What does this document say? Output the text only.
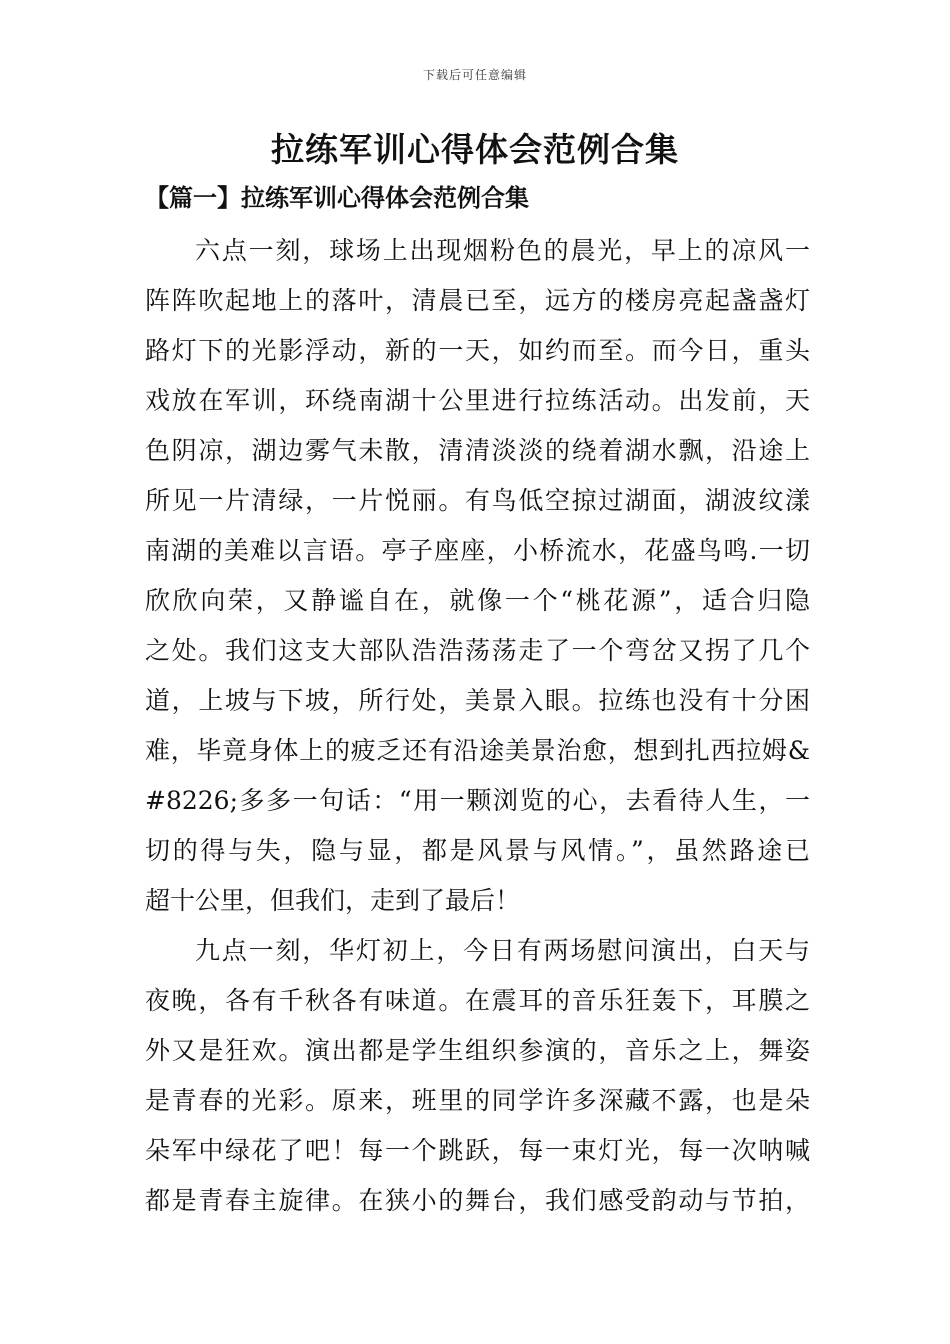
下载后可任意编辑
拉练军训心得体会范例合集
【篇一】拉练军训心得体会范例合集
六点一刻，球场上出现烟粉色的晨光，早上的凉风一
阵阵吹起地上的落叶，清晨已至，远方的楼房亮起盏盏灯
路灯下的光影浮动，新的一天，如约而至。而今日，重头
戏放在军训，环绕南湖十公里进行拉练活动。出发前，天
色阴凉，湖边雾气未散，清清淡淡的绕着湖水飘，沿途上
所见一片清绿，一片悦丽。有鸟低空掠过湖面，湖波纹漾
南湖的美难以言语。亭子座座，小桥流水，花盛鸟鸣.一切
欣欣向荣，又静谧自在，就像一个“桃花源”，适合归隐
之处。我们这支大部队浩浩荡荡走了一个弯岔又拐了几个
道，上坡与下坡，所行处，美景入眼。拉练也没有十分困
难，毕竟身体上的疲乏还有沿途美景治愈，想到扎西拉姆&
#8226;多多一句话：“用一颗浏览的心，去看待人生，一
切的得与失，隐与显，都是风景与风情。”，虽然路途已
超十公里，但我们，走到了最后！
九点一刻，华灯初上，今日有两场慰问演出，白天与
夜晚，各有千秋各有味道。在震耳的音乐狂轰下，耳膜之
外又是狂欢。演出都是学生组织参演的，音乐之上，舞姿
是青春的光彩。原来，班里的同学许多深藏不露，也是朵
朵军中绿花了吧！每一个跳跃，每一束灯光，每一次呐喊
都是青春主旋律。在狭小的舞台，我们感受韵动与节拍，
